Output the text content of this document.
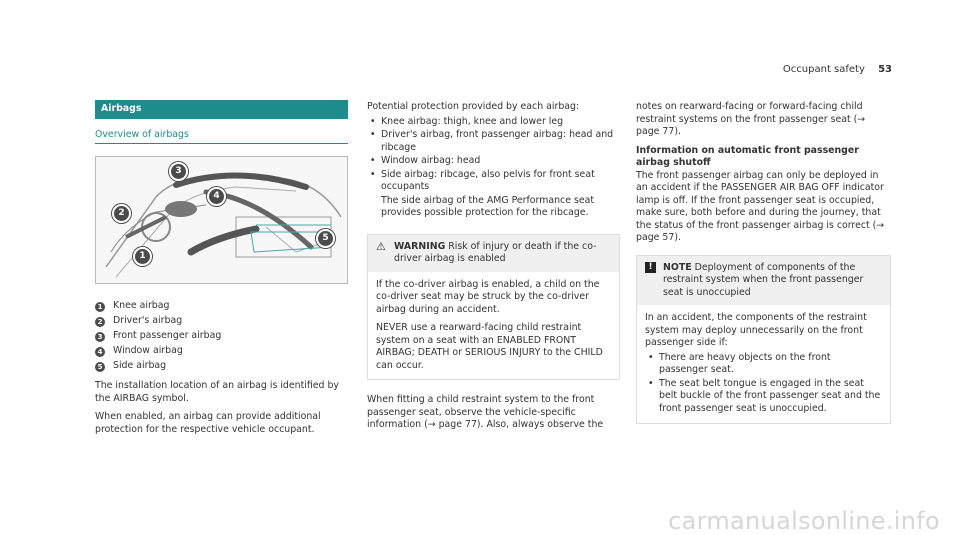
Occupant safety 53
Airbags
Overview of airbags
1
2
3
4
5
1 Knee airbag
2 Driver's airbag
3 Front passenger airbag
4 Window airbag
5 Side airbag

The installation location of an airbag is identified by the AIRBAG symbol.

When enabled, an airbag can provide additional protection for the respective vehicle occupant.

Potential protection provided by each airbag:

• Knee airbag: thigh, knee and lower leg
• Driver's airbag, front passenger airbag: head and ribcage
• Window airbag: head
• Side airbag: ribcage, also pelvis for front seat occupants

The side airbag of the AMG Performance seat provides possible protection for the ribcage.

⚠ WARNING Risk of injury or death if the co-driver airbag is enabled

If the co-driver airbag is enabled, a child on the co-driver seat may be struck by the co-driver airbag during an accident.

NEVER use a rearward-facing child restraint system on a seat with an ENABLED FRONT AIRBAG; DEATH or SERIOUS INJURY to the CHILD can occur.

When fitting a child restraint system to the front passenger seat, observe the vehicle-specific information (→ page 77). Also, always observe the

notes on rearward-facing or forward-facing child restraint systems on the front passenger seat (→ page 77).

Information on automatic front passenger airbag shutoff

The front passenger airbag can only be deployed in an accident if the PASSENGER AIR BAG OFF indicator lamp is off. If the front passenger seat is occupied, make sure, both before and during the journey, that the status of the front passenger airbag is correct (→ page 57).

!	NOTE Deployment of components of the restraint system when the front passenger seat is unoccupied

In an accident, the components of the restraint system may deploy unnecessarily on the front passenger side if:

• There are heavy objects on the front passenger seat.
• The seat belt tongue is engaged in the seat belt buckle of the front passenger seat and the front passenger seat is unoccupied.
carmanualsonline.info
